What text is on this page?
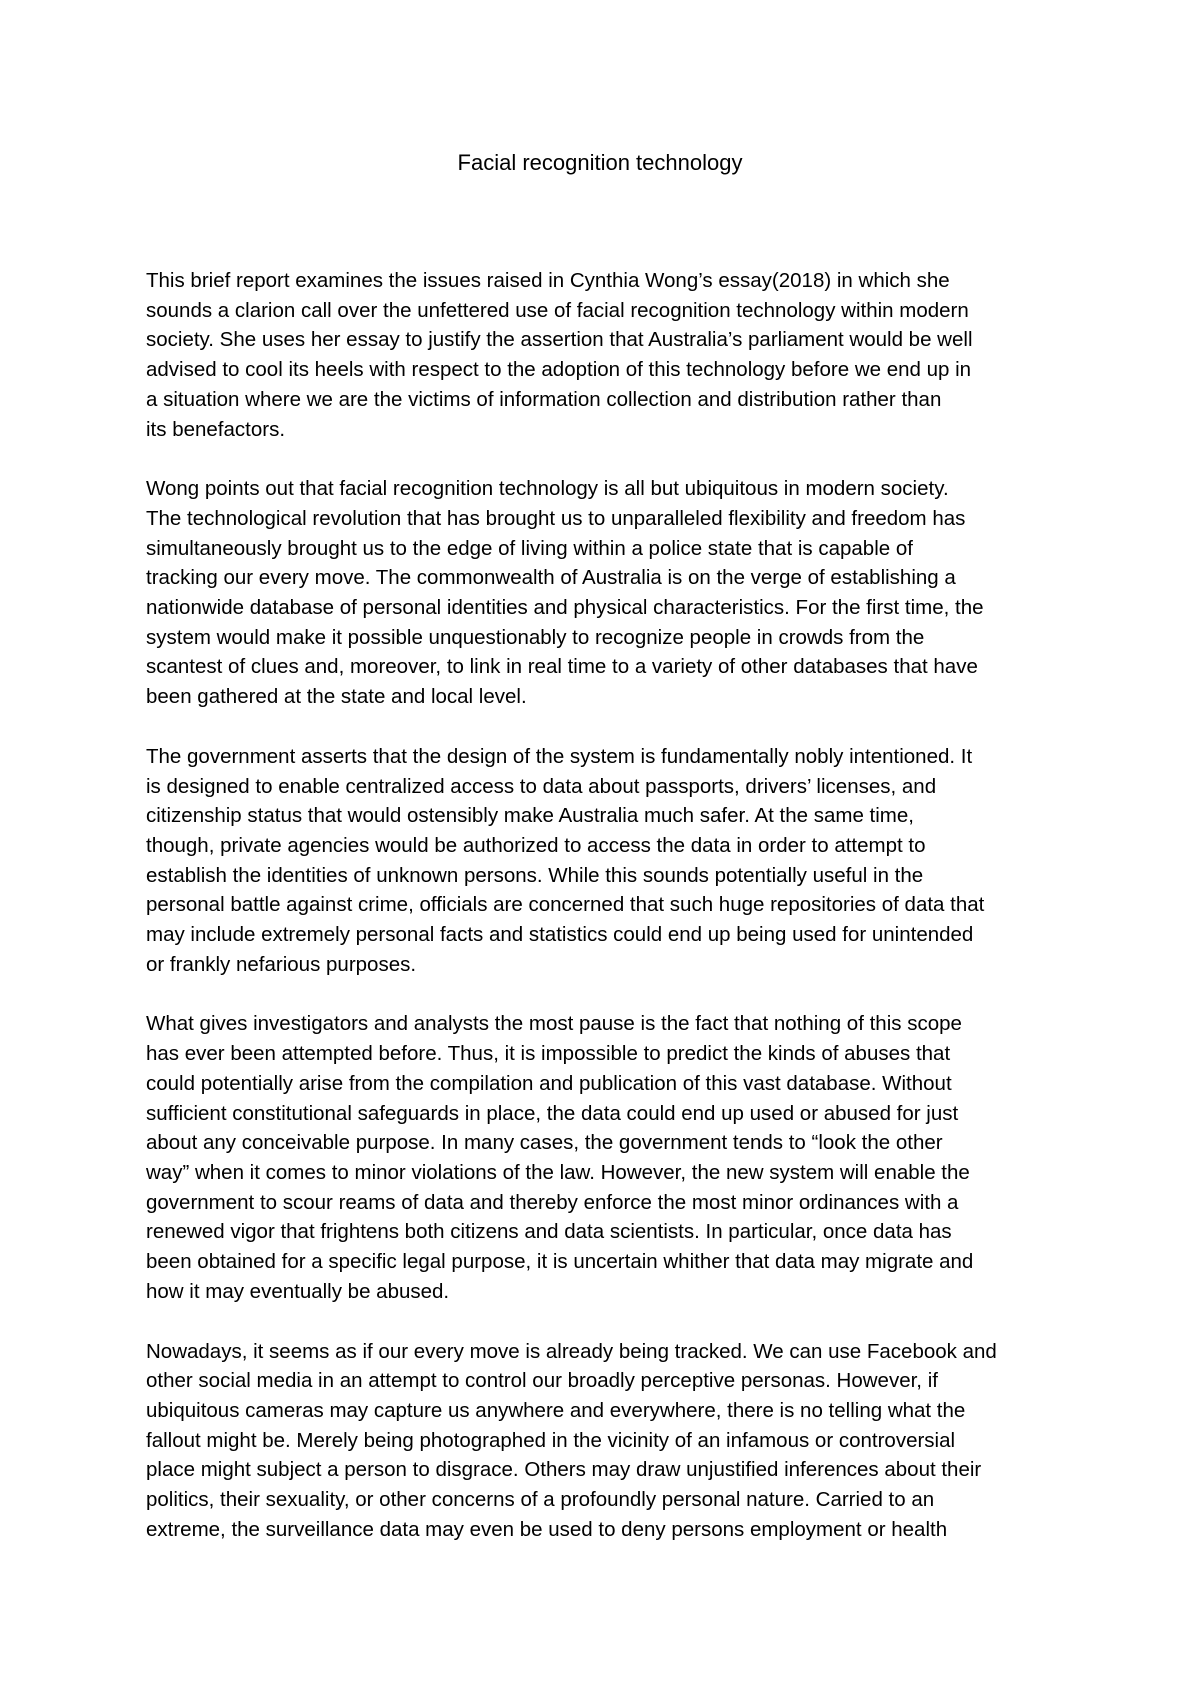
Facial recognition technology

This brief report examines the issues raised in Cynthia Wong’s essay(2018) in which she
sounds a clarion call over the unfettered use of facial recognition technology within modern
society. She uses her essay to justify the assertion that Australia’s parliament would be well
advised to cool its heels with respect to the adoption of this technology before we end up in
a situation where we are the victims of information collection and distribution rather than
its benefactors.

Wong points out that facial recognition technology is all but ubiquitous in modern society.
The technological revolution that has brought us to unparalleled flexibility and freedom has
simultaneously brought us to the edge of living within a police state that is capable of
tracking our every move. The commonwealth of Australia is on the verge of establishing a
nationwide database of personal identities and physical characteristics. For the first time, the
system would make it possible unquestionably to recognize people in crowds from the
scantest of clues and, moreover, to link in real time to a variety of other databases that have
been gathered at the state and local level.

The government asserts that the design of the system is fundamentally nobly intentioned. It
is designed to enable centralized access to data about passports, drivers’ licenses, and
citizenship status that would ostensibly make Australia much safer. At the same time,
though, private agencies would be authorized to access the data in order to attempt to
establish the identities of unknown persons. While this sounds potentially useful in the
personal battle against crime, officials are concerned that such huge repositories of data that
may include extremely personal facts and statistics could end up being used for unintended
or frankly nefarious purposes.

What gives investigators and analysts the most pause is the fact that nothing of this scope
has ever been attempted before. Thus, it is impossible to predict the kinds of abuses that
could potentially arise from the compilation and publication of this vast database. Without
sufficient constitutional safeguards in place, the data could end up used or abused for just
about any conceivable purpose. In many cases, the government tends to “look the other
way” when it comes to minor violations of the law. However, the new system will enable the
government to scour reams of data and thereby enforce the most minor ordinances with a
renewed vigor that frightens both citizens and data scientists. In particular, once data has
been obtained for a specific legal purpose, it is uncertain whither that data may migrate and
how it may eventually be abused.

Nowadays, it seems as if our every move is already being tracked. We can use Facebook and
other social media in an attempt to control our broadly perceptive personas. However, if
ubiquitous cameras may capture us anywhere and everywhere, there is no telling what the
fallout might be. Merely being photographed in the vicinity of an infamous or controversial
place might subject a person to disgrace. Others may draw unjustified inferences about their
politics, their sexuality, or other concerns of a profoundly personal nature. Carried to an
extreme, the surveillance data may even be used to deny persons employment or health
